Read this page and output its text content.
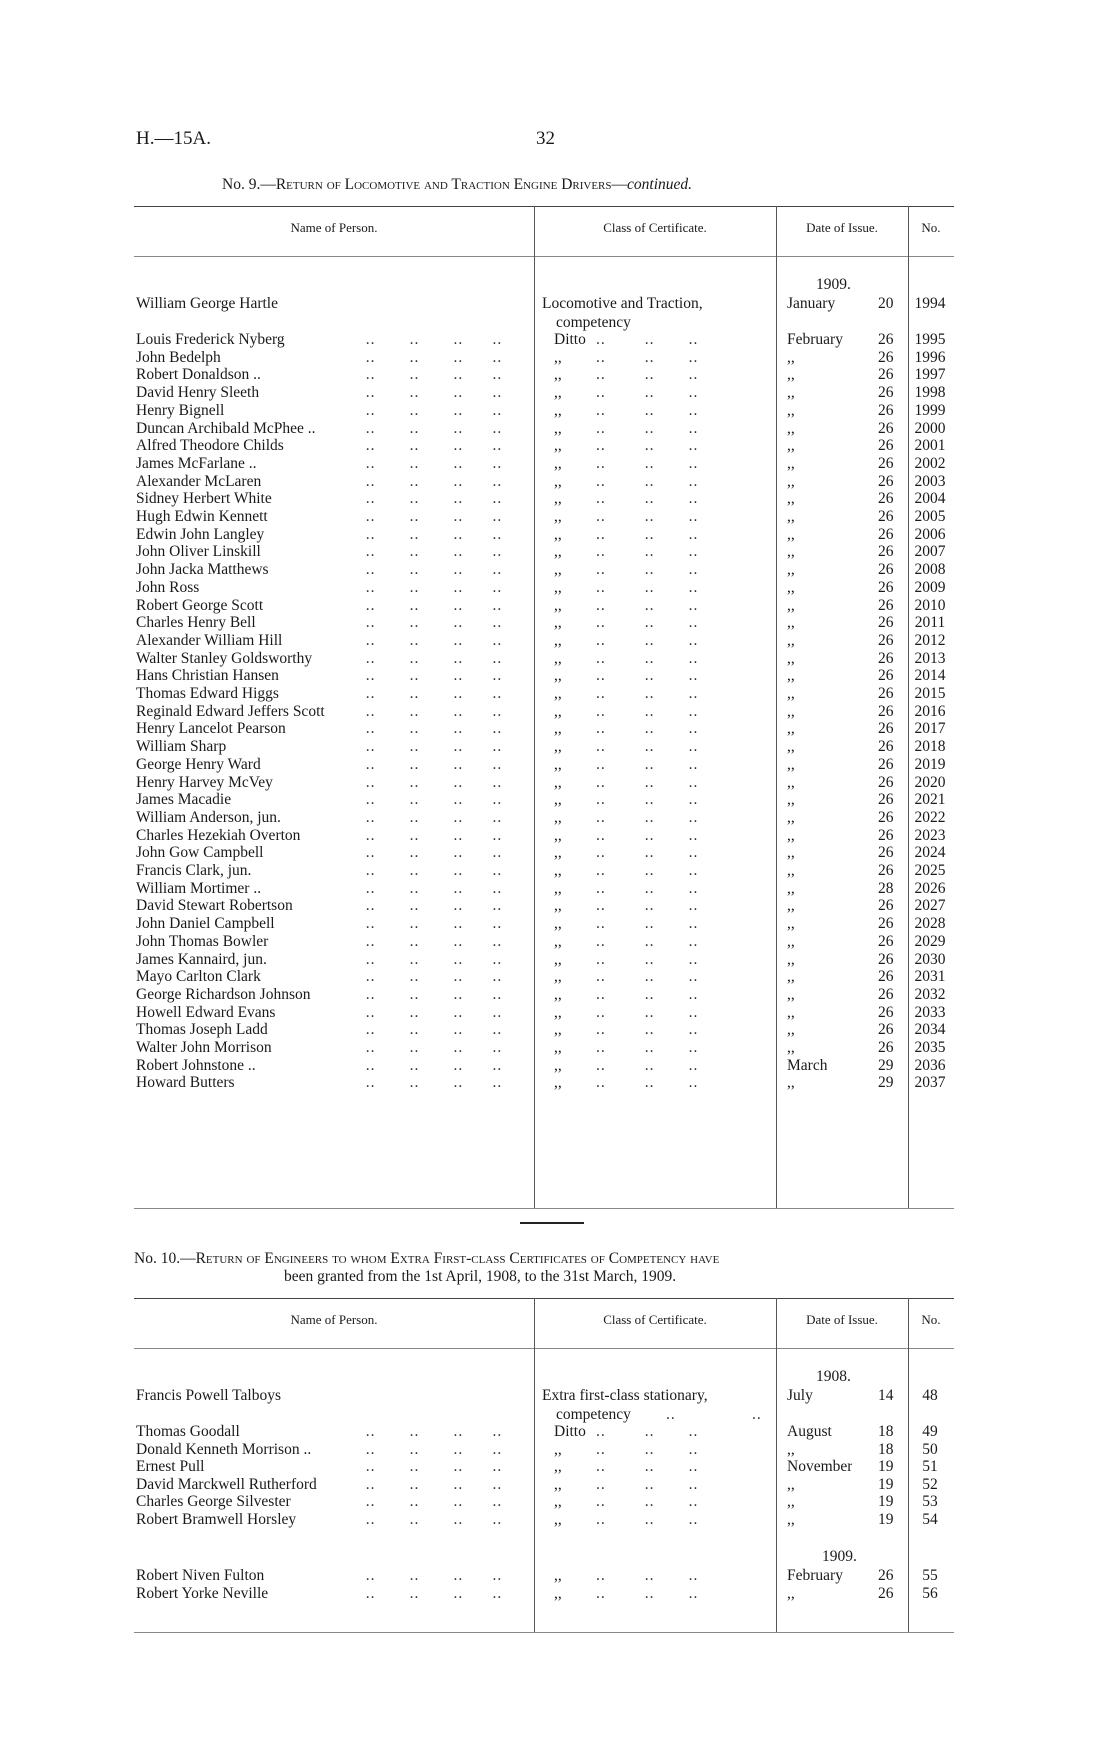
H.—15A.	32
No. 9.—Return of Locomotive and Traction Engine Drivers—continued.
Name of Person.	Class of Certificate.	Date of Issue.	No.
1909.
William George Hartle	Locomotive and Traction,	January	20 1994
competency
Louis Frederick Nyberg	..       ..       ..      ..	Ditto ..        ..       ..	February 26 1995
John Bedelph	..       ..       ..      ..	,,	..        ..       ..	,,	26 1996
Robert Donaldson ..	..       ..       ..      ..	,,	..        ..       ..	,,	26 1997
David Henry Sleeth	..       ..       ..      ..	,,	..        ..       ..	,,	26 1998
Henry Bignell	..       ..       ..      ..	,,	..        ..       ..	,,	26 1999
Duncan Archibald McPhee ..	..       ..       ..      ..	,,	..        ..       ..	,,	26 2000
Alfred Theodore Childs	..       ..       ..      ..	,,	..        ..       ..	,,	26 2001
James McFarlane ..	..       ..       ..      ..	,,	..        ..       ..	,,	26 2002
Alexander McLaren	..       ..       ..      ..	,,	..        ..       ..	,,	26 2003
Sidney Herbert White	..       ..       ..      ..	,,	..        ..       ..	,,	26 2004
Hugh Edwin Kennett	..       ..       ..      ..	,,	..        ..       ..	,,	26 2005
Edwin John Langley	..       ..       ..      ..	,,	..        ..       ..	,,	26 2006
John Oliver Linskill	..       ..       ..      ..	,,	..        ..       ..	,,	26 2007
John Jacka Matthews	..       ..       ..      ..	,,	..        ..       ..	,,	26 2008
John Ross	..       ..       ..      ..	,,	..        ..       ..	,,	26 2009
Robert George Scott	..       ..       ..      ..	,,	..        ..       ..	,,	26 2010
Charles Henry Bell	..       ..       ..      ..	,,	..        ..       ..	,,	26	2011
Alexander William Hill	..       ..       ..      ..	,,	..        ..       ..	,,	26 2012
Walter Stanley Goldsworthy	..       ..       ..      ..	,,	..        ..       ..	,,	26 2013
Hans Christian Hansen	..       ..       ..      ..	,,	..        ..       ..	,,	26 2014
Thomas Edward Higgs	..       ..       ..      ..	,,	..        ..       ..	,,	26 2015
Reginald Edward Jeffers Scott	..       ..       ..      ..	,,	..        ..       ..	,,	26 2016
Henry Lancelot Pearson	..       ..       ..      ..	,,	..        ..       ..	,,	26 2017
William Sharp	..       ..       ..      ..	,,	..        ..       ..	,,	26 2018
George Henry Ward	..       ..       ..      ..	,,	..        ..       ..	,,	26 2019
Henry Harvey McVey	..       ..       ..      ..	,,	..        ..       ..	,,	26 2020
James Macadie	..       ..       ..      ..	,,	..        ..       ..	,,	26 2021
William Anderson, jun.	..       ..       ..      ..	,,	..        ..       ..	,,	26 2022
Charles Hezekiah Overton	..       ..       ..      ..	,,	..        ..       ..	,,	26 2023
John Gow Campbell	..       ..       ..      ..	,,	..        ..       ..	,,	26 2024
Francis Clark, jun.	..       ..       ..      ..	,,	..        ..       ..	,,	26 2025
William Mortimer ..	..       ..       ..      ..	,,	..        ..       ..	,,	28 2026
David Stewart Robertson	..       ..       ..      ..	,,	..        ..       ..	,,	26 2027
John Daniel Campbell	..       ..       ..      ..	,,	..        ..       ..	,,	26 2028
John Thomas Bowler	..       ..       ..      ..	,,	..        ..       ..	,,	26 2029
James Kannaird, jun.	..       ..       ..      ..	,,	..        ..       ..	,,	26 2030
Mayo Carlton Clark	..       ..       ..      ..	,,	..        ..       ..	,,	26 2031
George Richardson Johnson	..       ..       ..      ..	,,	..        ..       ..	,,	26 2032
Howell Edward Evans	..       ..       ..      ..	,,	..        ..       ..	,,	26 2033
Thomas Joseph Ladd	..       ..       ..      ..	,,	..        ..       ..	,,	26 2034
Walter John Morrison	..       ..       ..      ..	,,	..        ..       ..	,,	26 2035
Robert Johnstone ..	..       ..       ..      ..	,,	..        ..       ..	March	29 2036
Howard Butters	..       ..       ..      ..	,,	..        ..       ..	,,	29 2037
No. 10.—Return of Engineers to whom Extra First-class Certificates of Competency have
been granted from the 1st April, 1908, to the 31st March, 1909.
Name of Person.	Class of Certificate.	Date of Issue.	No.
1908.
Francis Powell Talboys	Extra first-class stationary,	July	14	48
competency ..	..
Thomas Goodall	..       ..       ..      ..	Ditto ..        ..       ..	August	18	49
Donald Kenneth Morrison ..	..       ..       ..      ..	,,	..        ..       ..	,,	18	50
Ernest Pull	..       ..       ..      ..	,,	..        ..       ..	November 19	51
David Marckwell Rutherford	..       ..       ..      ..	,,	..        ..       ..	,,	19	52
Charles George Silvester	..       ..       ..      ..	,,	..        ..       ..	,,	19	53
Robert Bramwell Horsley	..       ..       ..      ..	,,	..        ..       ..	,,	19	54
1909.
Robert Niven Fulton	..       ..       ..      ..	,,	..        ..       ..	February 26	55
Robert Yorke Neville	..       ..       ..      ..	,,	..        ..       ..	,,	26	56
